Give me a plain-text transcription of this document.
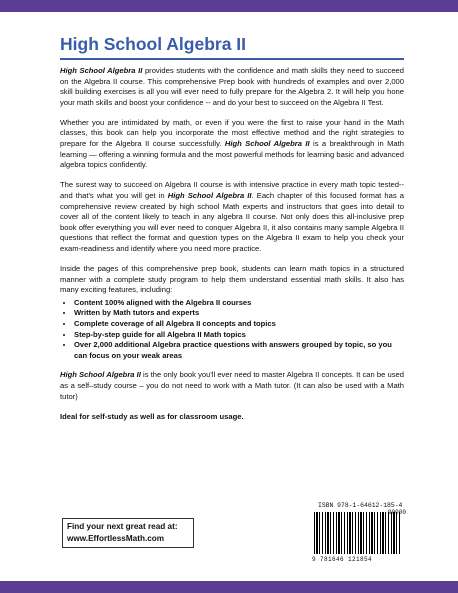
High School Algebra II

High School Algebra II provides students with the confidence and math skills they need to succeed on the Algebra II course. This comprehensive Prep book with hundreds of examples and over 2,000 skill building exercises is all you will ever need to fully prepare for the Algebra 2. It will help you hone your math skills and boost your confidence -- and do your best to succeed on the Algebra II Test.

Whether you are intimidated by math, or even if you were the first to raise your hand in the Math classes, this book can help you incorporate the most effective method and the right strategies to prepare for the Algebra II course successfully. High School Algebra II is a breakthrough in Math learning — offering a winning formula and the most powerful methods for learning basic and advanced algebra topics confidently.

The surest way to succeed on Algebra II course is with intensive practice in every math topic tested--and that's what you will get in High School Algebra II. Each chapter of this focused format has a comprehensive review created by high school Math experts and instructors that goes into detail to cover all of the content likely to teach in any algebra II course. Not only does this all-inclusive prep book offer everything you will ever need to conquer Algebra II, it also contains many sample Algebra II questions that reflect the format and question types on the Algebra II exam to help you check your exam-readiness and identify where you need more practice.

Inside the pages of this comprehensive prep book, students can learn math topics in a structured manner with a complete study program to help them understand essential math skills. It also has many exciting features, including:

• Content 100% aligned with the Algebra II courses
• Written by Math tutors and experts
• Complete coverage of all Algebra II concepts and topics
• Step-by-step guide for all Algebra II Math topics
• Over 2,000 additional Algebra practice questions with answers grouped by topic, so you can focus on your weak areas

High School Algebra II is the only book you'll ever need to master Algebra II concepts. It can be used as a self–study course – you do not need to work with a Math tutor. (It can also be used with a Math tutor)

Ideal for self-study as well as for classroom usage.

Find your next great read at:
www.EffortlessMath.com
ISBN 978-1-64612-185-4
90000
9 781646 121854
